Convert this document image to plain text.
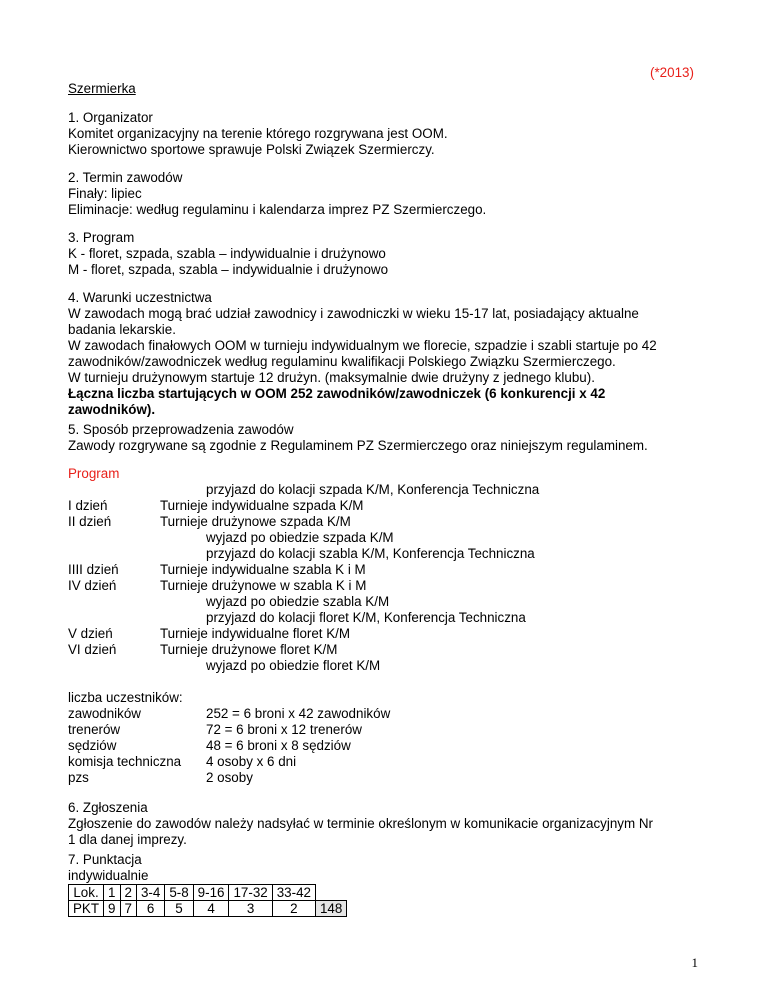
(*2013)
Szermierka
1. Organizator
Komitet organizacyjny na terenie którego rozgrywana jest OOM.
Kierownictwo sportowe sprawuje Polski Związek Szermierczy.
2. Termin zawodów
Finały: lipiec
Eliminacje: według regulaminu i kalendarza imprez PZ Szermierczego.
3. Program
K - floret, szpada, szabla – indywidualnie i drużynowo
M - floret, szpada, szabla – indywidualnie i drużynowo
4. Warunki uczestnictwa
W zawodach mogą brać udział zawodnicy i zawodniczki w wieku 15-17 lat, posiadający aktualne
badania lekarskie.
W zawodach finałowych OOM w turnieju indywidualnym we florecie, szpadzie i szabli startuje po 42
zawodników/zawodniczek według regulaminu kwalifikacji Polskiego Związku Szermierczego.
W turnieju drużynowym startuje 12 drużyn. (maksymalnie dwie drużyny z jednego klubu).
Łączna liczba startujących w OOM 252 zawodników/zawodniczek (6 konkurencji x 42
zawodników).
5. Sposób przeprowadzenia zawodów
Zawody rozgrywane są zgodnie z Regulaminem PZ Szermierczego oraz niniejszym regulaminem.
Program
przyjazd do kolacji szpada K/M, Konferencja Techniczna
I dzień	Turnieje indywidualne szpada K/M
II dzień	Turnieje drużynowe szpada K/M
wyjazd po obiedzie szpada K/M
przyjazd do kolacji szabla K/M, Konferencja Techniczna
IIII dzień	Turnieje indywidualne szabla K i M
IV dzień	Turnieje drużynowe w szabla K i M
wyjazd po obiedzie szabla K/M
przyjazd do kolacji floret K/M, Konferencja Techniczna
V dzień	Turnieje indywidualne floret K/M
VI dzień	Turnieje drużynowe floret K/M
wyjazd po obiedzie floret K/M
liczba uczestników:
zawodników	252 = 6 broni x 42 zawodników
trenerów	72 = 6 broni x 12 trenerów
sędziów	48 = 6 broni x 8 sędziów
komisja techniczna 4 osoby x 6 dni
pzs	2 osoby
6. Zgłoszenia
Zgłoszenie do zawodów należy nadsyłać w terminie określonym w komunikacie organizacyjnym Nr
1 dla danej imprezy.
7. Punktacja
indywidualnie
Lok.	1	2	3-4	5-8	9-16	17-32	33-42	
PKT	9	7	6	5	4	3	2	148
1
